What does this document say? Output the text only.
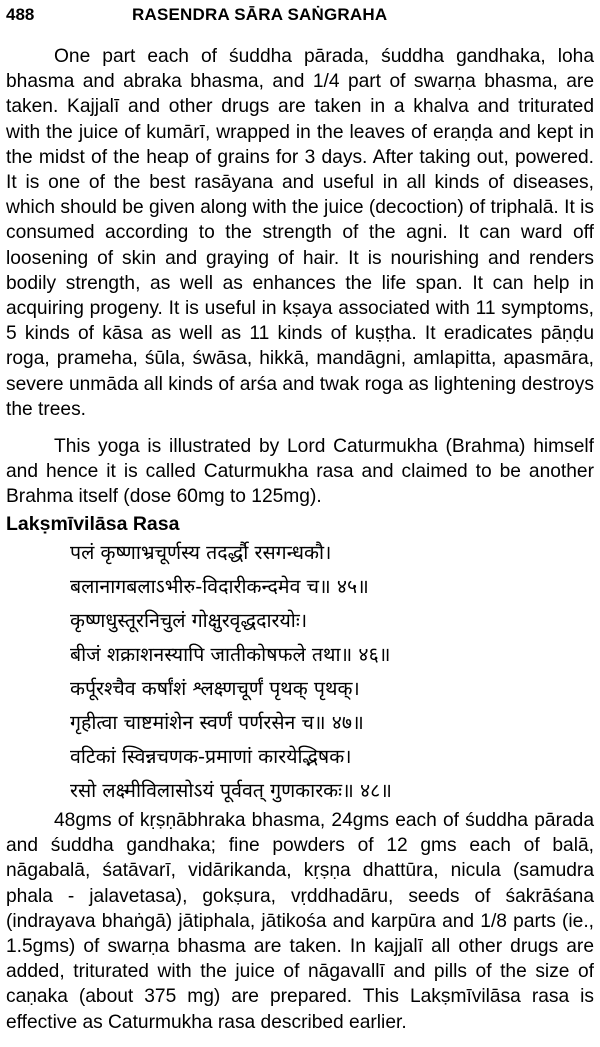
488	RASENDRA SĀRA SAṄGRAHA

One part each of śuddha pārada, śuddha gandhaka, loha bhasma and abraka bhasma, and 1/4 part of swarṇa bhasma, are taken. Kajjalī and other drugs are taken in a khalva and triturated with the juice of kumārī, wrapped in the leaves of eraṇḍa and kept in the midst of the heap of grains for 3 days. After taking out, powered. It is one of the best rasāyana and useful in all kinds of diseases, which should be given along with the juice (decoction) of triphalā. It is consumed according to the strength of the agni. It can ward off loosening of skin and graying of hair. It is nourishing and renders bodily strength, as well as enhances the life span. It can help in acquiring progeny. It is useful in kṣaya associated with 11 symptoms, 5 kinds of kāsa as well as 11 kinds of kuṣṭha. It eradicates pāṇḍu roga, prameha, śūla, śwāsa, hikkā, mandāgni, amlapitta, apasmāra, severe unmāda all kinds of arśa and twak roga as lightening destroys the trees.

This yoga is illustrated by Lord Caturmukha (Brahma) himself and hence it is called Caturmukha rasa and claimed to be another Brahma itself (dose 60mg to 125mg).

Lakṣmīvilāsa Rasa
पलं कृष्णाभ्रचूर्णस्य तदर्द्धौ रसगन्धकौ।
बलानागबलाऽभीरु-विदारीकन्दमेव च॥ ४५॥
कृष्णधुस्तूरनिचुलं गोक्षुरवृद्धदारयोः।
बीजं शक्राशनस्यापि जातीकोषफले तथा॥ ४६॥
कर्पूरश्चैव कर्षांशं श्लक्ष्णचूर्णं पृथक् पृथक्।
गृहीत्वा चाष्टमांशेन स्वर्णं पर्णरसेन च॥ ४७॥
वटिकां स्विन्नचणक-प्रमाणां कारयेद्भिषक।
रसो लक्ष्मीविलासोऽयं पूर्ववत् गुणकारकः॥ ४८॥

48gms of kṛṣṇābhraka bhasma, 24gms each of śuddha pārada and śuddha gandhaka; fine powders of 12 gms each of balā, nāgabalā, śatāvarī, vidārikanda, kṛṣṇa dhattūra, nicula (samudra phala - jalavetasa), gokṣura, vṛddhadāru, seeds of śakrāśana (indrayava bhaṅgā) jātiphala, jātikośa and karpūra and 1/8 parts (ie., 1.5gms) of swarṇa bhasma are taken. In kajjalī all other drugs are added, triturated with the juice of nāgavallī and pills of the size of caṇaka (about 375 mg) are prepared. This Lakṣmīvilāsa rasa is effective as Caturmukha rasa described earlier.
